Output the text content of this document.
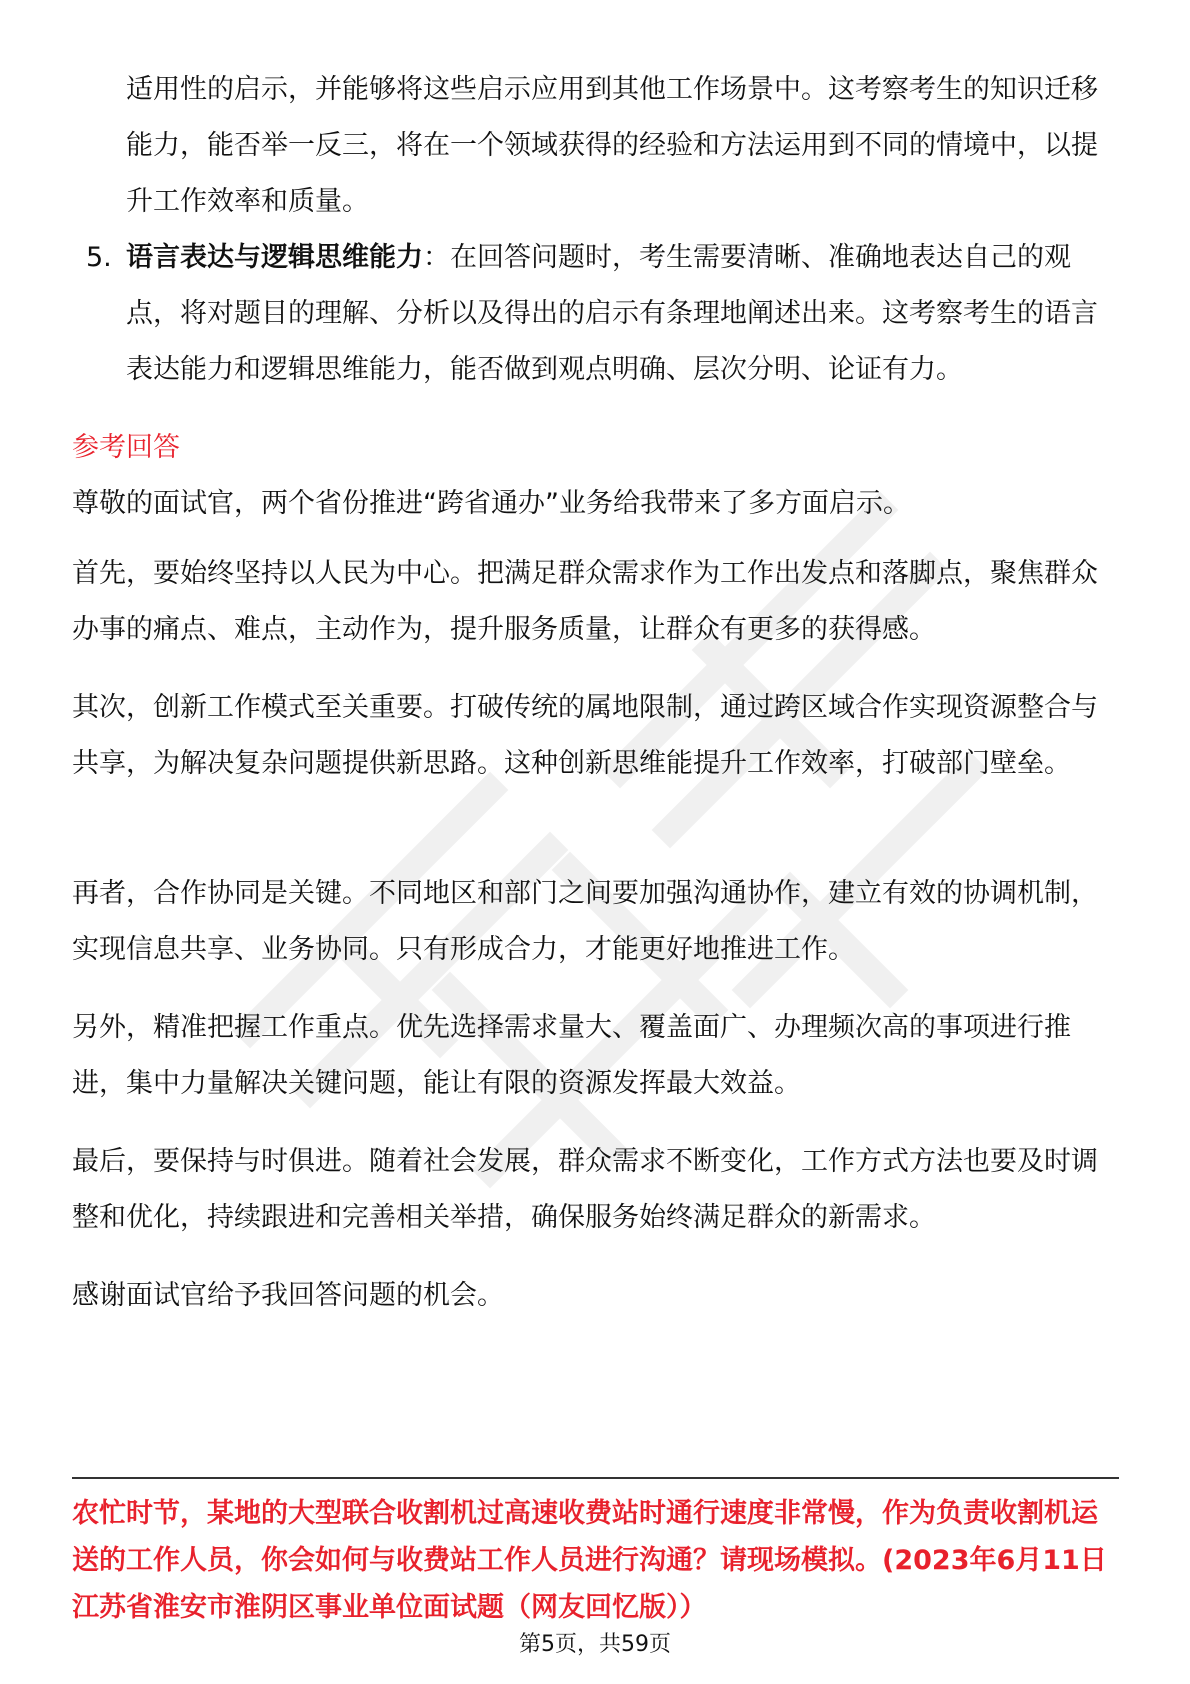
适用性的启示，并能够将这些启示应用到其他工作场景中。这考察考生的知识迁移能力，能否举一反三，将在一个领域获得的经验和方法运用到不同的情境中，以提升工作效率和质量。

5. 语言表达与逻辑思维能力：在回答问题时，考生需要清晰、准确地表达自己的观点，将对题目的理解、分析以及得出的启示有条理地阐述出来。这考察考生的语言表达能力和逻辑思维能力，能否做到观点明确、层次分明、论证有力。

参考回答

尊敬的面试官，两个省份推进“跨省通办”业务给我带来了多方面启示。

首先，要始终坚持以人民为中心。把满足群众需求作为工作出发点和落脚点，聚焦群众办事的痛点、难点，主动作为，提升服务质量，让群众有更多的获得感。

其次，创新工作模式至关重要。打破传统的属地限制，通过跨区域合作实现资源整合与共享，为解决复杂问题提供新思路。这种创新思维能提升工作效率，打破部门壁垒。

再者，合作协同是关键。不同地区和部门之间要加强沟通协作，建立有效的协调机制，实现信息共享、业务协同。只有形成合力，才能更好地推进工作。

另外，精准把握工作重点。优先选择需求量大、覆盖面广、办理频次高的事项进行推进，集中力量解决关键问题，能让有限的资源发挥最大效益。

最后，要保持与时俱进。随着社会发展，群众需求不断变化，工作方式方法也要及时调整和优化，持续跟进和完善相关举措，确保服务始终满足群众的新需求。

感谢面试官给予我回答问题的机会。

农忙时节，某地的大型联合收割机过高速收费站时通行速度非常慢，作为负责收割机运送的工作人员，你会如何与收费站工作人员进行沟通？请现场模拟。(2023年6月11日江苏省淮安市淮阴区事业单位面试题（网友回忆版））

第5页，共59页
